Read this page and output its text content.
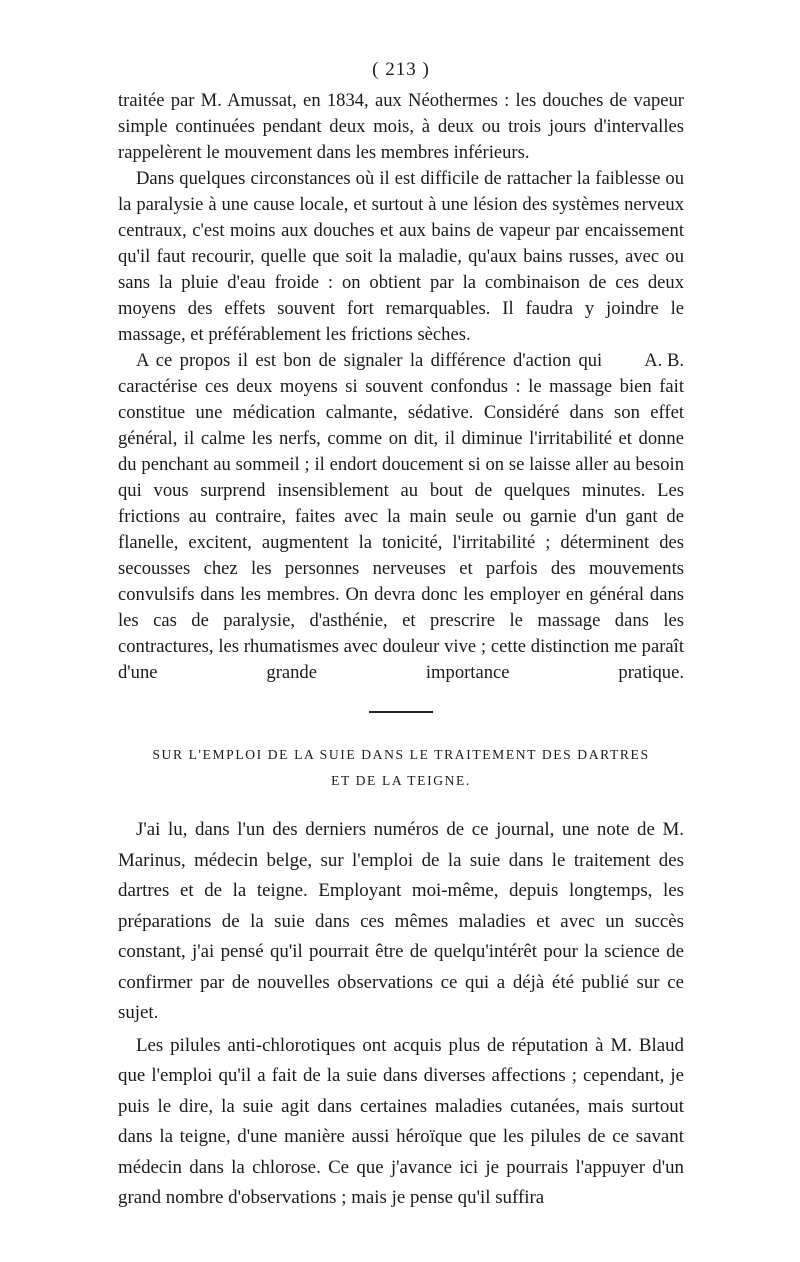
( 213 )

traitée par M. Amussat, en 1834, aux Néothermes : les douches de vapeur simple continuées pendant deux mois, à deux ou trois jours d'intervalles rappelèrent le mouvement dans les membres inférieurs.

Dans quelques circonstances où il est difficile de rattacher la faiblesse ou la paralysie à une cause locale, et surtout à une lésion des systèmes nerveux centraux, c'est moins aux douches et aux bains de vapeur par encaissement qu'il faut recourir, quelle que soit la maladie, qu'aux bains russes, avec ou sans la pluie d'eau froide : on obtient par la combinaison de ces deux moyens des effets souvent fort remarquables. Il faudra y joindre le massage, et préférablement les frictions sèches.

A. B.
A ce propos il est bon de signaler la différence d'action qui caractérise ces deux moyens si souvent confondus : le massage bien fait constitue une médication calmante, sédative. Considéré dans son effet général, il calme les nerfs, comme on dit, il diminue l'irritabilité et donne du penchant au sommeil ; il endort doucement si on se laisse aller au besoin qui vous surprend insensiblement au bout de quelques minutes. Les frictions au contraire, faites avec la main seule ou garnie d'un gant de flanelle, excitent, augmentent la tonicité, l'irritabilité ; déterminent des secousses chez les personnes nerveuses et parfois des mouvements convulsifs dans les membres. On devra donc les employer en général dans les cas de paralysie, d'asthénie, et prescrire le massage dans les contractures, les rhumatismes avec douleur vive ; cette distinction me paraît d'une grande importance pratique.

SUR L'EMPLOI DE LA SUIE DANS LE TRAITEMENT DES DARTRES
ET DE LA TEIGNE.

J'ai lu, dans l'un des derniers numéros de ce journal, une note de M. Marinus, médecin belge, sur l'emploi de la suie dans le traitement des dartres et de la teigne. Employant moi-même, depuis longtemps, les préparations de la suie dans ces mêmes maladies et avec un succès constant, j'ai pensé qu'il pourrait être de quelqu'intérêt pour la science de confirmer par de nouvelles observations ce qui a déjà été publié sur ce sujet.

Les pilules anti-chlorotiques ont acquis plus de réputation à M. Blaud que l'emploi qu'il a fait de la suie dans diverses affections ; cependant, je puis le dire, la suie agit dans certaines maladies cutanées, mais surtout dans la teigne, d'une manière aussi héroïque que les pilules de ce savant médecin dans la chlorose. Ce que j'avance ici je pourrais l'appuyer d'un grand nombre d'observations ; mais je pense qu'il suffira
